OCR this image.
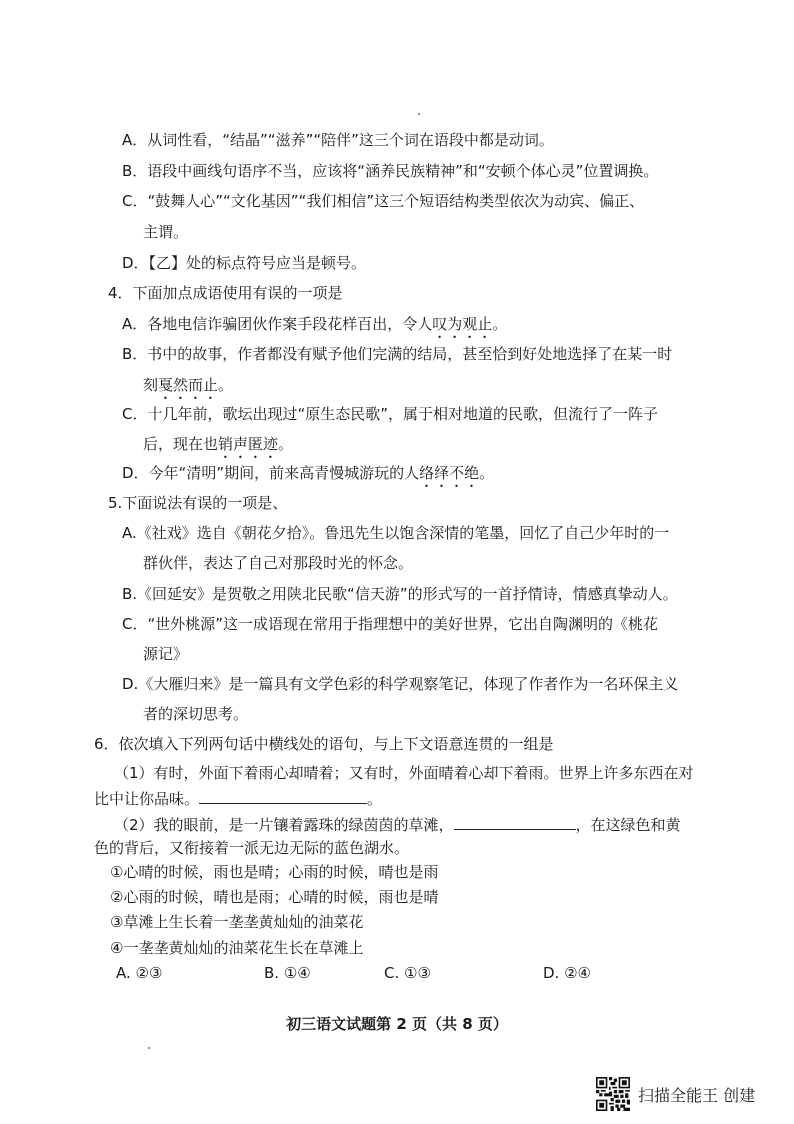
A．从词性看，“结晶”“滋养”“陪伴”这三个词在语段中都是动词。
B．语段中画线句语序不当，应该将“涵养民族精神”和“安顿个体心灵”位置调换。
C．“鼓舞人心”“文化基因”“我们相信”这三个短语结构类型依次为动宾、偏正、
主谓。
D．【乙】处的标点符号应当是顿号。
4．下面加点成语使用有误的一项是
A．各地电信诈骗团伙作案手段花样百出，令人叹为观止。
B．书中的故事，作者都没有赋予他们完满的结局，甚至恰到好处地选择了在某一时
刻戛然而止。
C．十几年前，歌坛出现过“原生态民歌”，属于相对地道的民歌，但流行了一阵子
后，现在也销声匿迹。
D．今年“清明”期间，前来高青慢城游玩的人络绎不绝。
5.下面说法有误的一项是、
A.《社戏》选自《朝花夕拾》。鲁迅先生以饱含深情的笔墨，回忆了自己少年时的一
群伙伴，表达了自己对那段时光的怀念。
B.《回延安》是贺敬之用陕北民歌“信天游”的形式写的一首抒情诗，情感真挚动人。
C．“世外桃源”这一成语现在常用于指理想中的美好世界，它出自陶渊明的《桃花
源记》
D.《大雁归来》是一篇具有文学色彩的科学观察笔记，体现了作者作为一名环保主义
者的深切思考。
6．依次填入下列两句话中横线处的语句，与上下文语意连贯的一组是
（1）有时，外面下着雨心却晴着；又有时，外面晴着心却下着雨。世界上许多东西在对
比中让你品味。	。
（2）我的眼前，是一片镶着露珠的绿茵茵的草滩，	，在这绿色和黄
色的背后，又衔接着一派无边无际的蓝色湖水。
①心晴的时候，雨也是晴；心雨的时候，晴也是雨
②心雨的时候，晴也是雨；心晴的时候，雨也是晴
③草滩上生长着一垄垄黄灿灿的油菜花
④一垄垄黄灿灿的油菜花生长在草滩上
A. ②③	B. ①④	C. ①③	D. ②④
初三语文试题第 2 页（共 8 页）
扫描全能王 创建
